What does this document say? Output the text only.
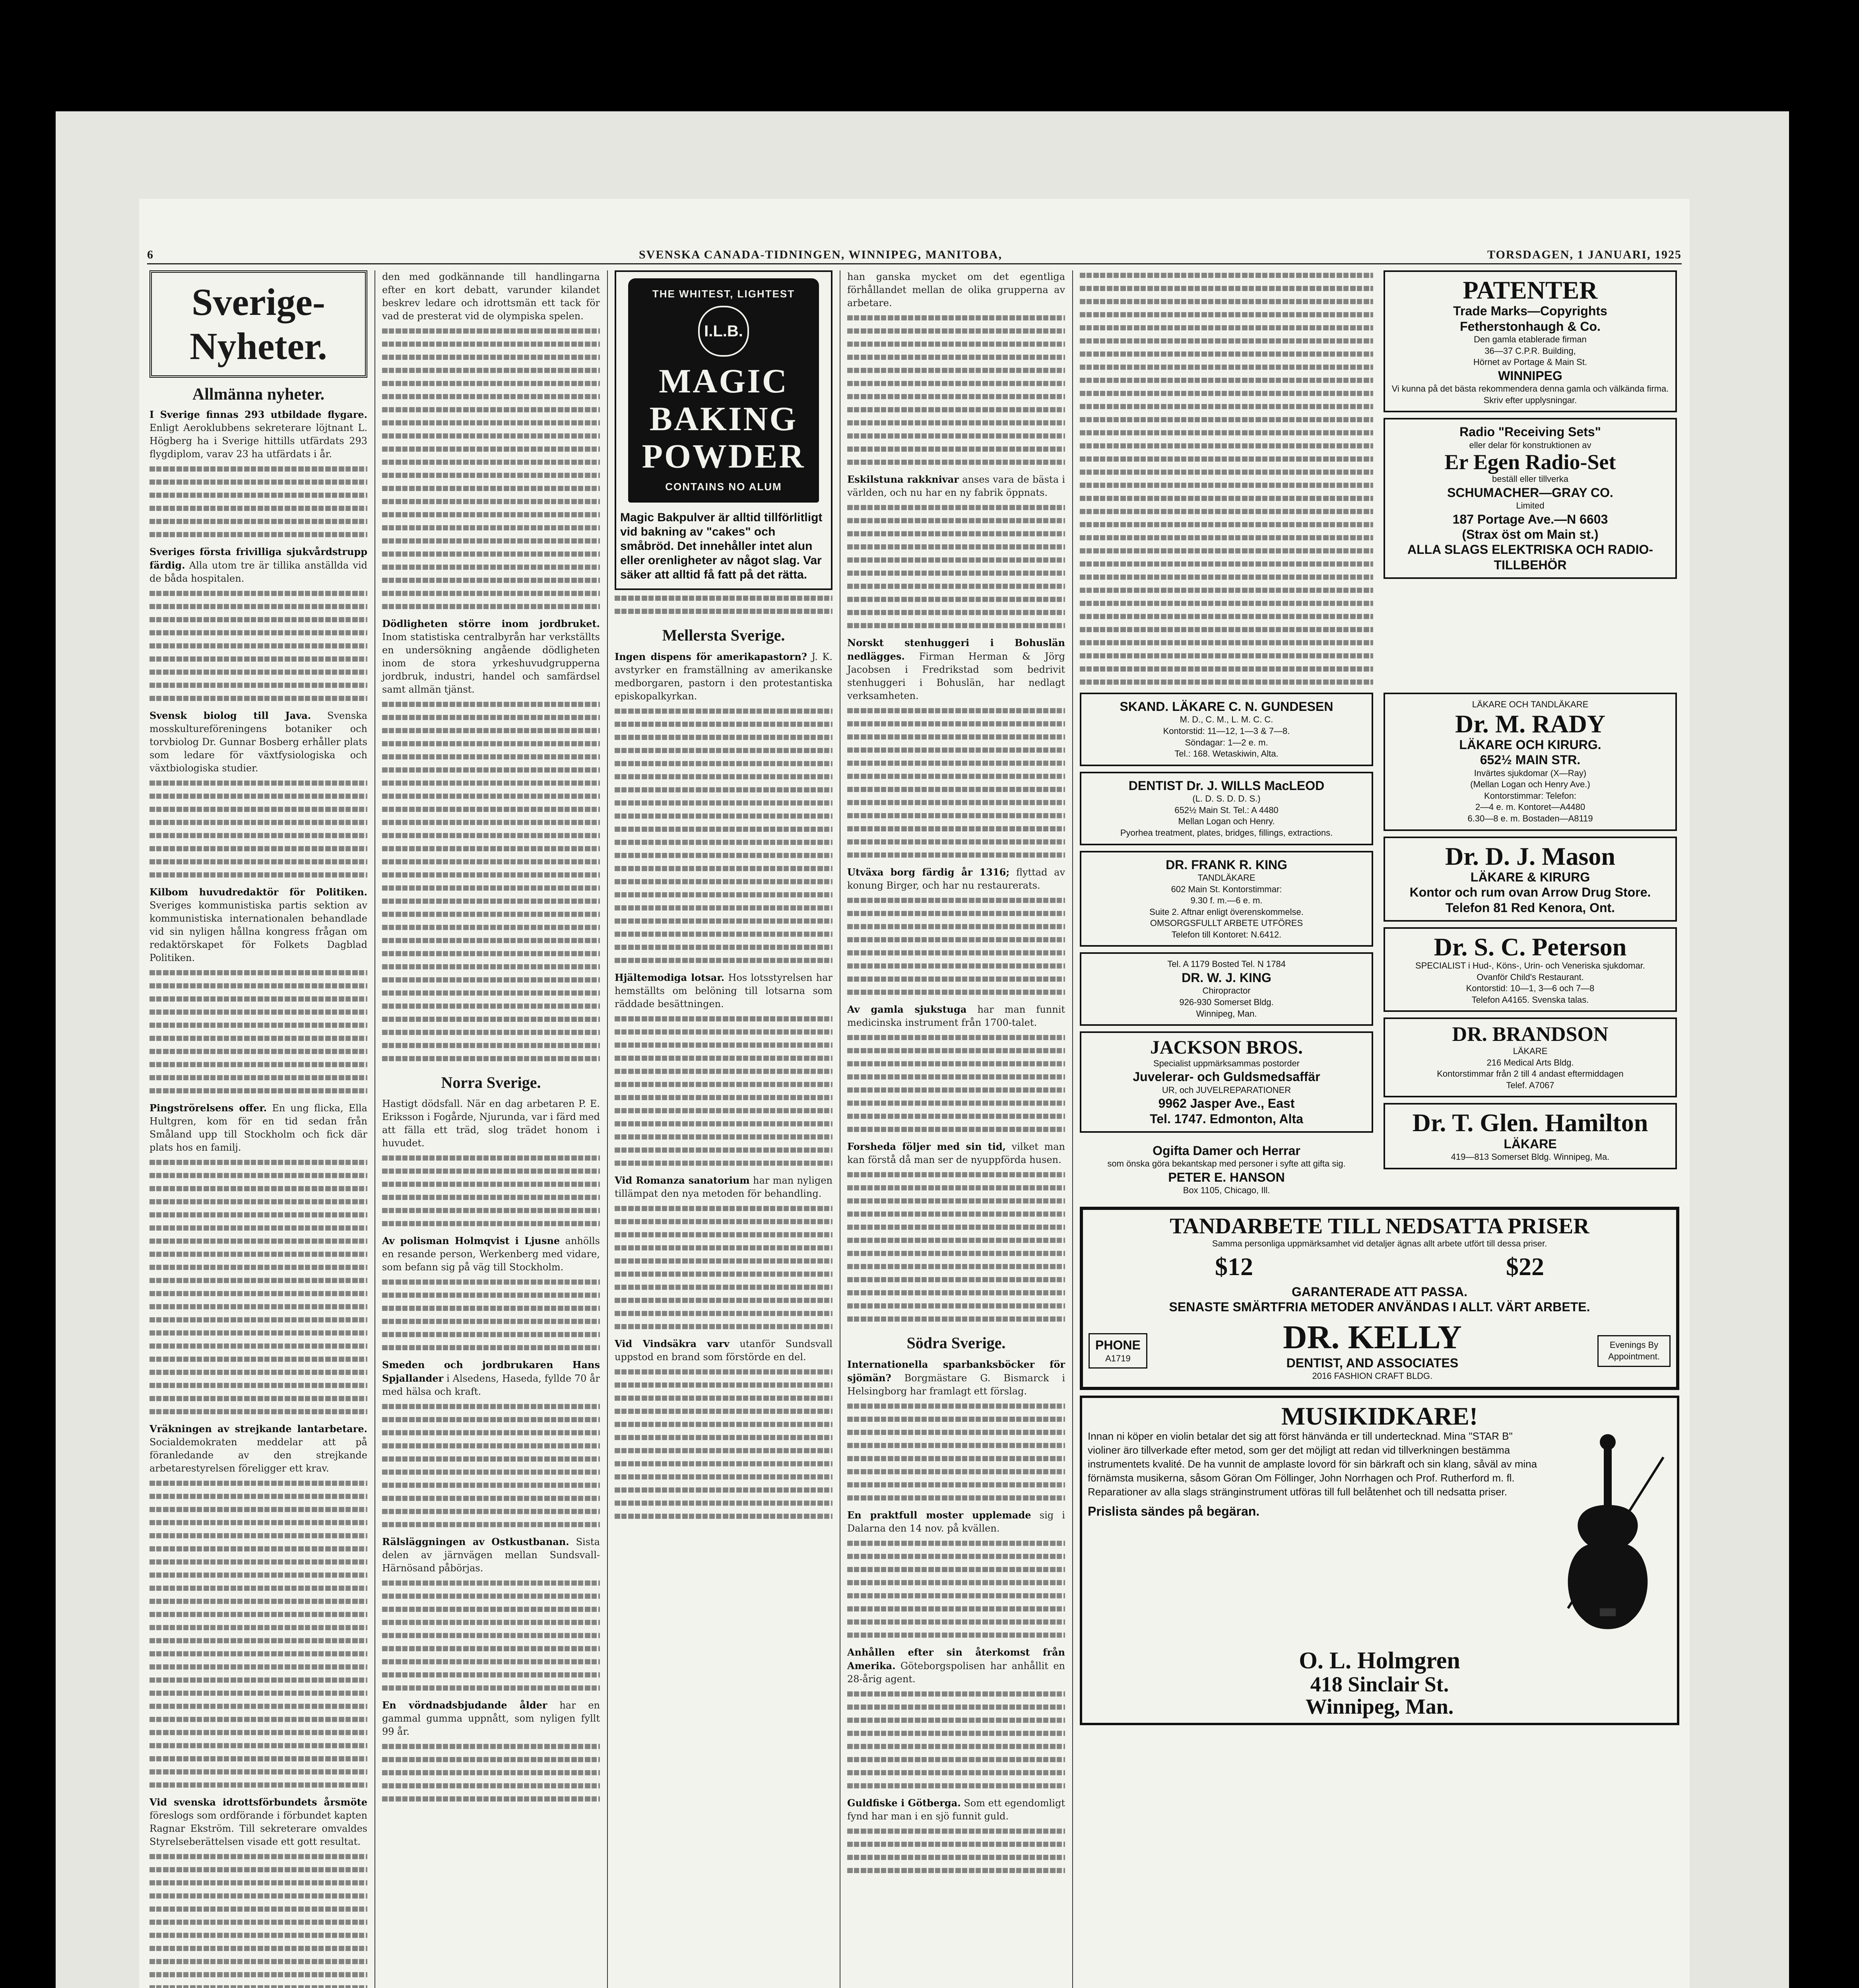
6	SVENSKA CANADA-TIDNINGEN, WINNIPEG, MANITOBA,	TORSDAGEN, 1 JANUARI, 1925
Sverige-Nyheter.
Allmänna nyheter.
I Sverige finnas 293 utbildade flygare. Enligt Aeroklubbens sekreterare löjtnant L. Högberg ha i Sverige hittills utfärdats 293 flygdiplom, varav 23 ha utfärdats i år.
Sveriges första frivilliga sjukvårdstrupp färdig. Alla utom tre är tillika anställda vid de båda hospitalen.
Svensk biolog till Java. Svenska mosskultureföreningens botaniker och torvbiolog Dr. Gunnar Bosberg erhåller plats som ledare för växtfysiologiska och växtbiologiska studier.
Kilbom huvudredaktör för Politiken. Sveriges kommunistiska partis sektion av kommunistiska internationalen behandlade vid sin nyligen hållna kongress frågan om redaktörskapet för Folkets Dagblad Politiken.
Pingströrelsens offer. En ung flicka, Ella Hultgren, kom för en tid sedan från Småland upp till Stockholm och fick där plats hos en familj.
Vräkningen av strejkande lantarbetare. Socialdemokraten meddelar att på föranledande av den strejkande arbetarestyrelsen föreligger ett krav.
Vid svenska idrottsförbundets årsmöte föreslogs som ordförande i förbundet kapten Ragnar Ekström. Till sekreterare omvaldes Styrelseberättelsen visade ett gott resultat.
den med godkännande till handlingarna efter en kort debatt, varunder kilandet beskrev ledare och idrottsmän ett tack för vad de presterat vid de olympiska spelen.
Dödligheten större inom jordbruket. Inom statistiska centralbyrån har verkställts en undersökning angående dödligheten inom de stora yrkeshuvudgrupperna jordbruk, industri, handel och samfärdsel samt allmän tjänst.
Norra Sverige.
Hastigt dödsfall. När en dag arbetaren P. E. Eriksson i Fogårde, Njurunda, var i färd med att fälla ett träd, slog trädet honom i huvudet.
Av polisman Holmqvist i Ljusne anhölls en resande person, Werkenberg med vidare, som befann sig på väg till Stockholm.
Smeden och jordbrukaren Hans Spjallander i Alsedens, Haseda, fyllde 70 år med hälsa och kraft.
Rälsläggningen av Ostkustbanan. Sista delen av järnvägen mellan Sundsvall-Härnösand påbörjas.
En vördnadsbjudande ålder har en gammal gumma uppnått, som nyligen fyllt 99 år.
THE WHITEST, LIGHTEST
I.L.B.
MAGIC BAKING POWDER
CONTAINS NO ALUM
Magic Bakpulver är alltid tillförlitligt vid bakning av "cakes" och småbröd. Det innehåller intet alun eller orenligheter av något slag. Var säker att alltid få fatt på det rätta.
Mellersta Sverige.
Ingen dispens för amerikapastorn? J. K. avstyrker en framställning av amerikanske medborgaren, pastorn i den protestantiska episkopalkyrkan.
Hjältemodiga lotsar. Hos lotsstyrelsen har hemställts om belöning till lotsarna som räddade besättningen.
Vid Romanza sanatorium har man nyligen tillämpat den nya metoden för behandling.
Vid Vindsäkra varv utanför Sundsvall uppstod en brand som förstörde en del.
han ganska mycket om det egentliga förhållandet mellan de olika grupperna av arbetare.
Eskilstuna rakknivar anses vara de bästa i världen, och nu har en ny fabrik öppnats.
Norskt stenhuggeri i Bohuslän nedlägges. Firman Herman & Jörg Jacobsen i Fredrikstad som bedrivit stenhuggeri i Bohuslän, har nedlagt verksamheten.
Utväxa borg färdig år 1316; flyttad av konung Birger, och har nu restaurerats.
Av gamla sjukstuga har man funnit medicinska instrument från 1700-talet.
Forsheda följer med sin tid, vilket man kan förstå då man ser de nyuppförda husen.
Södra Sverige.
Internationella sparbanksböcker för sjömän? Borgmästare G. Bismarck i Helsingborg har framlagt ett förslag.
En praktfull moster upplemade sig i Dalarna den 14 nov. på kvällen.
Anhållen efter sin återkomst från Amerika. Göteborgspolisen har anhållit en 28-årig agent.
Guldfiske i Götberga. Som ett egendomligt fynd har man i en sjö funnit guld.
PATENTER
Trade Marks—Copyrights
Fetherstonhaugh & Co.
Den gamla etablerade firman
36—37 C.P.R. Building,
Hörnet av Portage & Main St.
WINNIPEG
Vi kunna på det bästa rekommendera denna gamla och välkända firma. Skriv efter upplysningar.
Radio "Receiving Sets"
eller delar för konstruktionen av
Er Egen Radio-Set
beställ eller tillverka
SCHUMACHER—GRAY CO.
Limited
187 Portage Ave.—N 6603
(Strax öst om Main st.)
ALLA SLAGS ELEKTRISKA OCH RADIO-TILLBEHÖR
SKAND. LÄKARE C. N. GUNDESEN
M. D., C. M., L. M. C. C.
Kontorstid: 11—12, 1—3 & 7—8.
Söndagar: 1—2 e. m.
Tel.: 168. Wetaskiwin, Alta.
DENTIST Dr. J. WILLS MacLEOD
(L. D. S. D. D. S.)
652½ Main St. Tel.: A 4480
Mellan Logan och Henry.
Pyorhea treatment, plates, bridges, fillings, extractions.
DR. FRANK R. KING
TANDLÄKARE
602 Main St. Kontorstimmar:
9.30 f. m.—6 e. m.
Suite 2. Aftnar enligt överenskommelse.
OMSORGSFULLT ARBETE UTFÖRES
Telefon till Kontoret: N.6412.
Tel. A 1179 Bosted Tel. N 1784
DR. W. J. KING
Chiropractor
926-930 Somerset Bldg.
Winnipeg, Man.
JACKSON BROS.
Specialist uppmärksammas postorder
Juvelerar- och Guldsmedsaffär
UR, och JUVELREPARATIONER
9962 Jasper Ave., East
Tel. 1747. Edmonton, Alta
Ogifta Damer och Herrar
som önska göra bekantskap med personer i syfte att gifta sig.
PETER E. HANSON
Box 1105, Chicago, Ill.
LÄKARE OCH TANDLÄKARE
Dr. M. RADY
LÄKARE OCH KIRURG.
652½ MAIN STR.
Invärtes sjukdomar (X—Ray)
(Mellan Logan och Henry Ave.)
Kontorstimmar: Telefon:
2—4 e. m. Kontoret—A4480
6.30—8 e. m. Bostaden—A8119
Dr. D. J. Mason
LÄKARE & KIRURG
Kontor och rum ovan Arrow Drug Store.
Telefon 81 Red Kenora, Ont.
Dr. S. C. Peterson
SPECIALIST i Hud-, Köns-, Urin- och Veneriska sjukdomar.
Ovanför Child's Restaurant.
Kontorstid: 10—1, 3—6 och 7—8
Telefon A4165. Svenska talas.
DR. BRANDSON
LÄKARE
216 Medical Arts Bldg.
Kontorstimmar från 2 till 4 andast eftermiddagen
Telef. A7067
Dr. T. Glen. Hamilton
LÄKARE
419—813 Somerset Bldg. Winnipeg, Ma.
TANDARBETE TILL NEDSATTA PRISER
Samma personliga uppmärksamhet vid detaljer ägnas allt arbete utfört till dessa priser.
$12	$22
GARANTERADE ATT PASSA.
SENASTE SMÄRTFRIA METODER ANVÄNDAS I ALLT. VÄRT ARBETE.
PHONE
A1719
DR. KELLY
DENTIST, AND ASSOCIATES
2016 FASHION CRAFT BLDG.
Evenings By Appointment.
MUSIKIDKARE!
Innan ni köper en violin betalar det sig att först hänvända er till undertecknad. Mina "STAR B" violiner äro tillverkade efter metod, som ger det möjligt att redan vid tillverkningen bestämma instrumentets kvalité. De ha vunnit de amplaste lovord för sin bärkraft och sin klang, såväl av mina förnämsta musikerna, såsom Göran Om Föllinger, John Norrhagen och Prof. Rutherford m. fl. Reparationer av alla slags stränginstrument utföras till full belåtenhet och till nedsatta priser.
Prislista sändes på begäran.
O. L. Holmgren
418 Sinclair St.
Winnipeg, Man.
